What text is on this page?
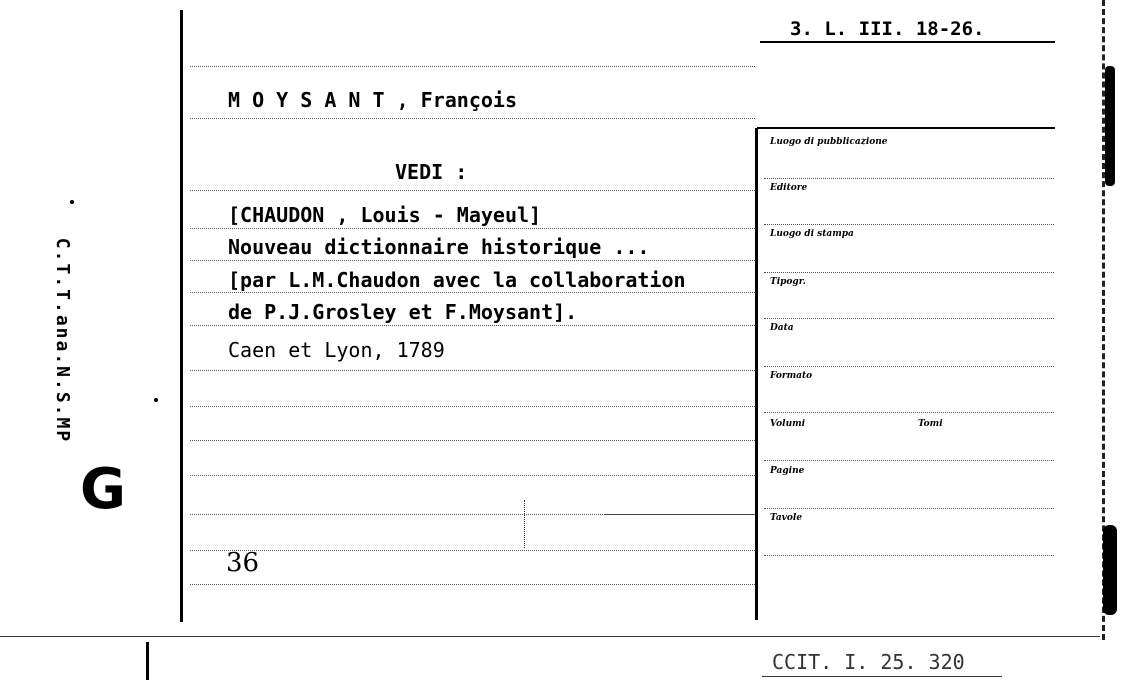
C.T.T.ana.N.S.MP
G
3. L. III. 18-26.
M O Y S A N T , François
VEDI :
[CHAUDON , Louis - Mayeul]
Nouveau dictionnaire historique ...
[par L.M.Chaudon avec la collaboration
de P.J.Grosley et F.Moysant].
Caen et Lyon, 1789
36
Luogo di pubblicazione
Editore
Luogo di stampa
Tipogr.
Data
Formato
Volumi	Tomi
Pagine
Tavole
CCIT. I. 25. 320
